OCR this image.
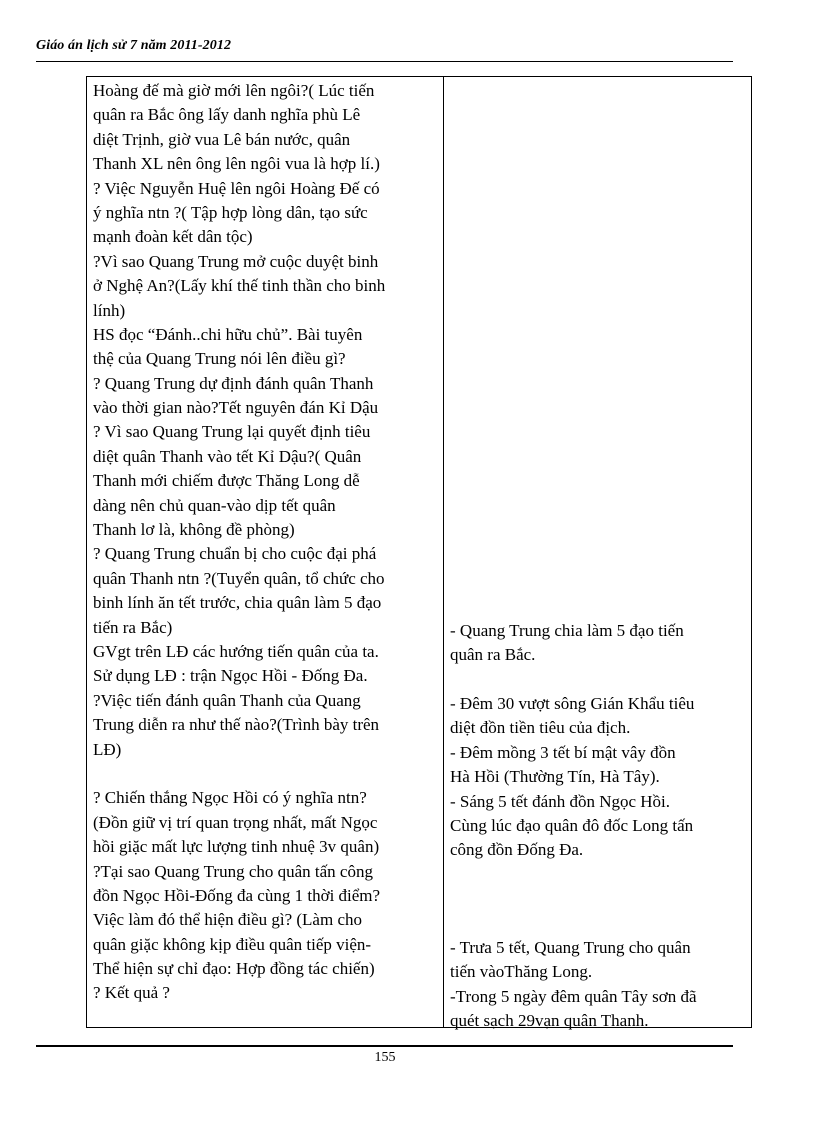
Giáo án lịch sử 7 năm 2011-2012
Hoàng đế mà giờ mới lên ngôi?( Lúc tiến
quân ra Bắc ông lấy danh nghĩa phù Lê
diệt Trịnh, giờ vua Lê bán nước, quân
Thanh XL nên ông lên ngôi vua là hợp lí.)
? Việc Nguyễn Huệ lên ngôi Hoàng Đế có
ý nghĩa ntn ?( Tập hợp lòng dân, tạo sức
mạnh đoàn kết dân tộc)
?Vì sao Quang Trung mở cuộc duyệt binh
ở Nghệ An?(Lấy khí thế tinh thần cho binh
lính)
HS đọc “Đánh..chi hữu chủ”. Bài tuyên
thệ của Quang Trung nói lên điều gì?
? Quang Trung dự định đánh quân Thanh
vào thời gian nào?Tết nguyên đán Kỉ Dậu
? Vì sao Quang Trung lại quyết định tiêu
diệt quân Thanh vào tết Kỉ Dậu?( Quân
Thanh mới chiếm được Thăng Long dễ
dàng nên chủ quan-vào dịp tết quân
Thanh lơ là, không đề phòng)
? Quang Trung chuẩn bị cho cuộc đại phá
quân Thanh ntn ?(Tuyển quân, tổ chức cho
binh lính ăn tết trước, chia quân làm 5 đạo
tiến ra Bắc)
GVgt trên LĐ các hướng tiến quân của ta.
Sử dụng LĐ : trận Ngọc Hồi - Đống Đa.
?Việc tiến đánh quân Thanh của Quang
Trung diễn ra như thế nào?(Trình bày trên
LĐ)
? Chiến thắng Ngọc Hồi có ý nghĩa ntn?
(Đồn giữ vị trí quan trọng nhất, mất Ngọc
hồi giặc mất lực lượng tinh nhuệ 3v quân)
?Tại sao Quang Trung cho quân tấn công
đồn Ngọc Hồi-Đống đa cùng 1 thời điểm?
Việc làm đó thể hiện điều gì? (Làm cho
quân giặc không kịp điều quân tiếp viện-
Thể hiện sự chỉ đạo: Hợp đồng tác chiến)
? Kết quả ?
- Quang Trung chia làm 5 đạo tiến
quân ra Bắc.
- Đêm 30 vượt sông Gián Khẩu tiêu
diệt đồn tiền tiêu của địch.
- Đêm mồng 3 tết bí mật vây đồn
Hà Hồi (Thường Tín, Hà Tây).
- Sáng 5 tết đánh đồn Ngọc Hồi.
Cùng lúc đạo quân đô đốc Long tấn
công đồn Đống Đa.
- Trưa 5 tết, Quang Trung cho quân
tiến vàoThăng Long.
-Trong 5 ngày đêm quân Tây sơn đã
quét sạch 29vạn quân Thanh.
155
